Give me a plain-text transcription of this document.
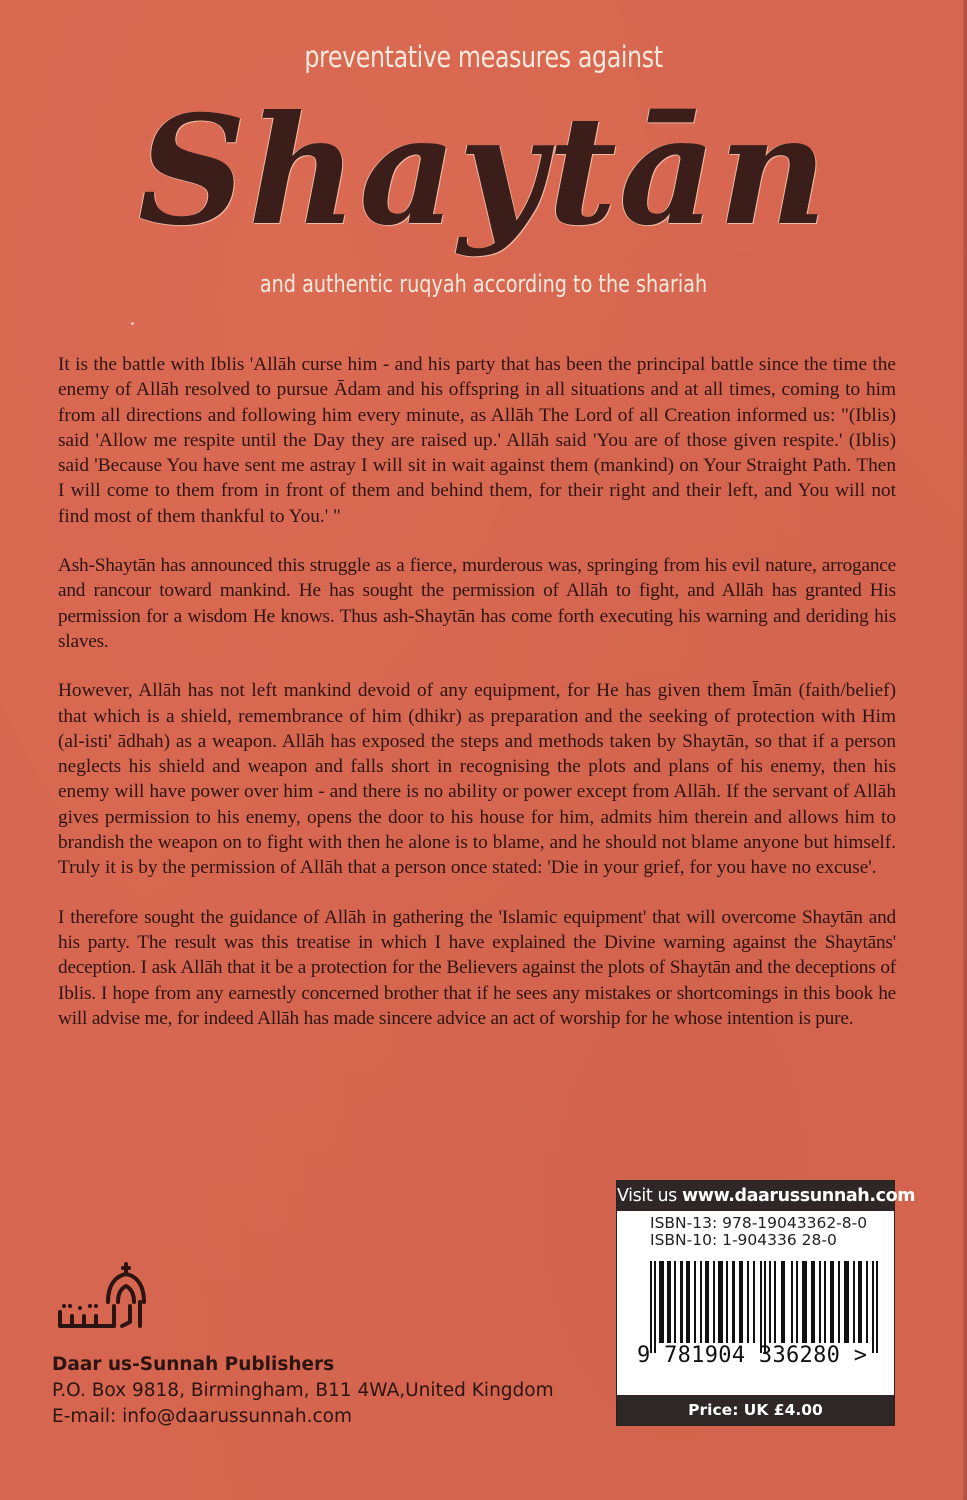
preventative measures against
Shaytān
and authentic ruqyah according to the shariah

It is the battle with Iblis 'Allāh curse him - and his party that has been the principal battle since the time the enemy of Allāh resolved to pursue Ādam and his offspring in all situations and at all times, coming to him from all directions and following him every minute, as Allāh The Lord of all Creation informed us: "(Iblis) said 'Allow me respite until the Day they are raised up.' Allāh said 'You are of those given respite.' (Iblis) said 'Because You have sent me astray I will sit in wait against them (mankind) on Your Straight Path. Then I will come to them from in front of them and behind them, for their right and their left, and You will not find most of them thankful to You.' "

Ash-Shaytān has announced this struggle as a fierce, murderous was, springing from his evil nature, arrogance and rancour toward mankind. He has sought the permission of Allāh to fight, and Allāh has granted His permission for a wisdom He knows. Thus ash-Shaytān has come forth executing his warning and deriding his slaves.

However, Allāh has not left mankind devoid of any equipment, for He has given them Īmān (faith/belief) that which is a shield, remembrance of him (dhikr) as preparation and the seeking of protection with Him (al-isti' ādhah) as a weapon. Allāh has exposed the steps and methods taken by Shaytān, so that if a person neglects his shield and weapon and falls short in recognising the plots and plans of his enemy, then his enemy will have power over him - and there is no ability or power except from Allāh. If the servant of Allāh gives permission to his enemy, opens the door to his house for him, admits him therein and allows him to brandish the weapon on to fight with then he alone is to blame, and he should not blame anyone but himself. Truly it is by the permission of Allāh that a person once stated: 'Die in your grief, for you have no excuse'.

I therefore sought the guidance of Allāh in gathering the 'Islamic equipment' that will overcome Shaytān and his party. The result was this treatise in which I have explained the Divine warning against the Shaytāns' deception. I ask Allāh that it be a protection for the Believers against the plots of Shaytān and the deceptions of Iblis. I hope from any earnestly concerned brother that if he sees any mistakes or shortcomings in this book he will advise me, for indeed Allāh has made sincere advice an act of worship for he whose intention is pure.

Daar us-Sunnah Publishers
P.O. Box 9818, Birmingham, B11 4WA,United Kingdom
E-mail: info@daarussunnah.com
Visit us www.daarussunnah.com
ISBN-13: 978-19043362-8-0
ISBN-10: 1-904336 28-0
9 781904 336280 >
Price: UK £4.00
